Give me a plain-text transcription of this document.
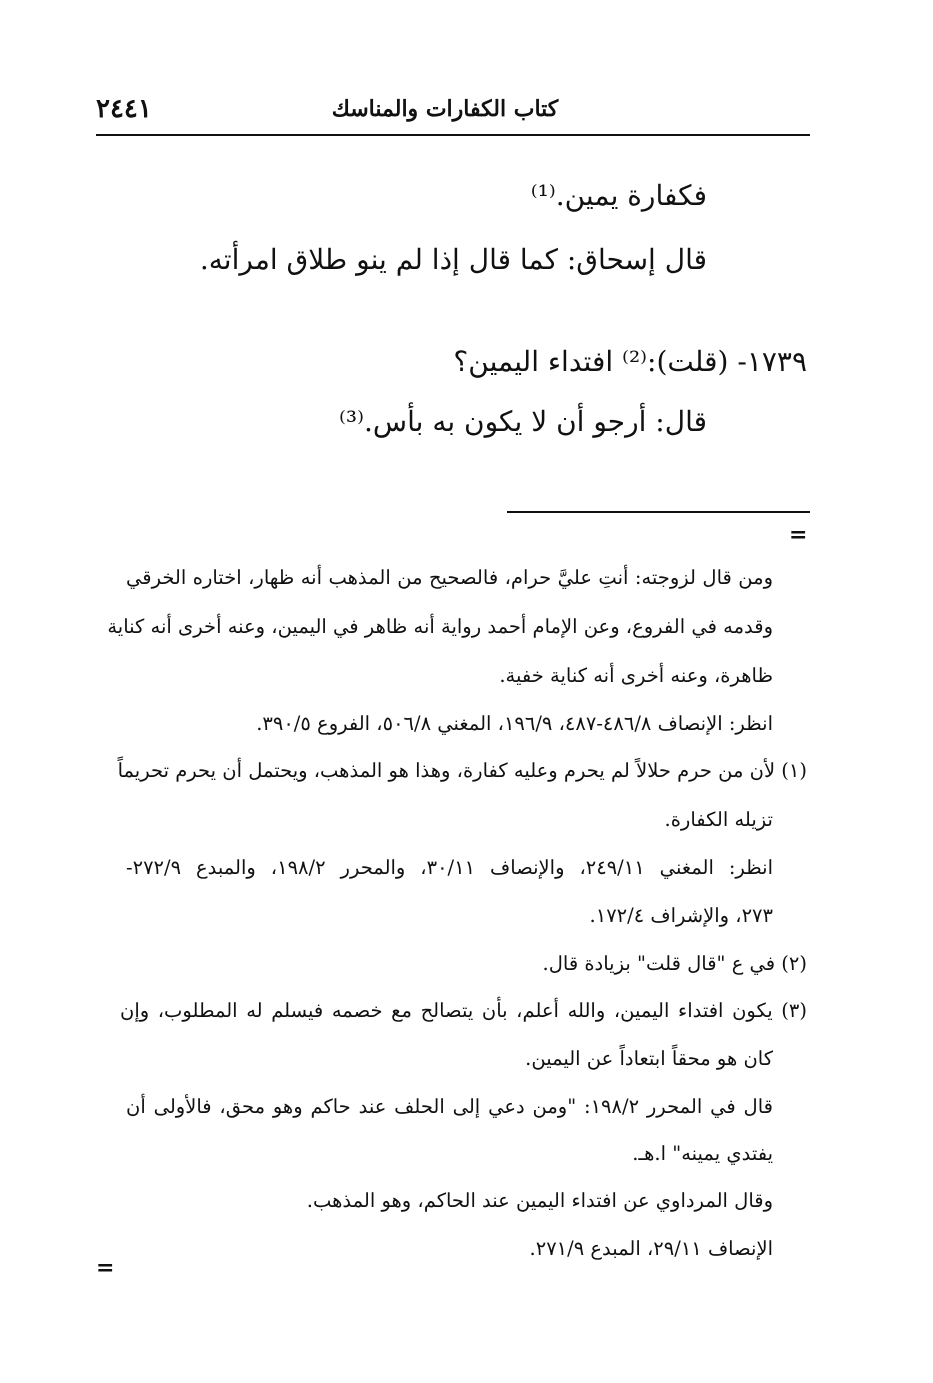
٢٤٤١	كتاب الكفارات والمناسك
فكفارة يمين.⁽¹⁾
قال إسحاق: كما قال إذا لم ينو طلاق امرأته.
١٧٣٩- (قلت):⁽²⁾ افتداء اليمين؟
قال: أرجو أن لا يكون به بأس.⁽³⁾
=
ومن قال لزوجته: أنتِ عليَّ حرام، فالصحيح من المذهب أنه ظهار، اختاره الخرقي
وقدمه في الفروع، وعن الإمام أحمد رواية أنه ظاهر في اليمين، وعنه أخرى أنه كناية
ظاهرة، وعنه أخرى أنه كناية خفية.
انظر: الإنصاف ٤٨٦/٨-٤٨٧، ١٩٦/٩، المغني ٥٠٦/٨، الفروع ٣٩٠/٥.
(١) لأن من حرم حلالاً لم يحرم وعليه كفارة، وهذا هو المذهب، ويحتمل أن يحرم تحريماً
تزيله الكفارة.
انظر: المغني ٢٤٩/١١، والإنصاف ٣٠/١١، والمحرر ١٩٨/٢، والمبدع ٢٧٢/٩-
٢٧٣، والإشراف ١٧٢/٤.
(٢) في ع "قال قلت" بزيادة قال.
(٣) يكون افتداء اليمين، والله أعلم، بأن يتصالح مع خصمه فيسلم له المطلوب، وإن
كان هو محقاً ابتعاداً عن اليمين.
قال في المحرر ١٩٨/٢: "ومن دعي إلى الحلف عند حاكم وهو محق، فالأولى أن
يفتدي يمينه" ا.هـ.
وقال المرداوي عن افتداء اليمين عند الحاكم، وهو المذهب.
الإنصاف ٢٩/١١، المبدع ٢٧١/٩.
=
